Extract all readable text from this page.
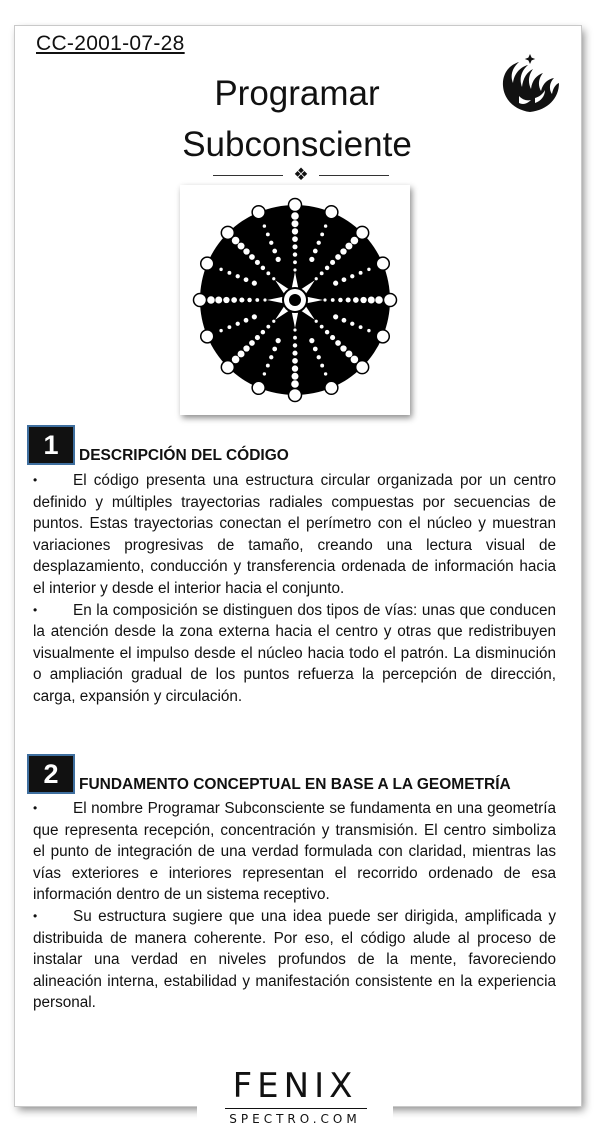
CC-2001-07-28
Programar
Subconsciente
❖
1	DESCRIPCIÓN DEL CÓDIGO

• El código presenta una estructura circular organizada por un centro definido y múltiples trayectorias radiales compuestas por secuencias de puntos. Estas trayectorias conectan el perímetro con el núcleo y muestran variaciones progresivas de tamaño, creando una lectura visual de desplazamiento, conducción y transferencia ordenada de información hacia el interior y desde el interior hacia el conjunto.

• En la composición se distinguen dos tipos de vías: unas que conducen la atención desde la zona externa hacia el centro y otras que redistribuyen visualmente el impulso desde el núcleo hacia todo el patrón. La disminución o ampliación gradual de los puntos refuerza la percepción de dirección, carga, expansión y circulación.

2	FUNDAMENTO CONCEPTUAL EN BASE A LA GEOMETRÍA

• El nombre Programar Subconsciente se fundamenta en una geometría que representa recepción, concentración y transmisión. El centro simboliza el punto de integración de una verdad formulada con claridad, mientras las vías exteriores e interiores representan el recorrido ordenado de esa información dentro de un sistema receptivo.

• Su estructura sugiere que una idea puede ser dirigida, amplificada y distribuida de manera coherente. Por eso, el código alude al proceso de instalar una verdad en niveles profundos de la mente, favoreciendo alineación interna, estabilidad y manifestación consistente en la experiencia personal.

FENIX
SPECTRO.COM
